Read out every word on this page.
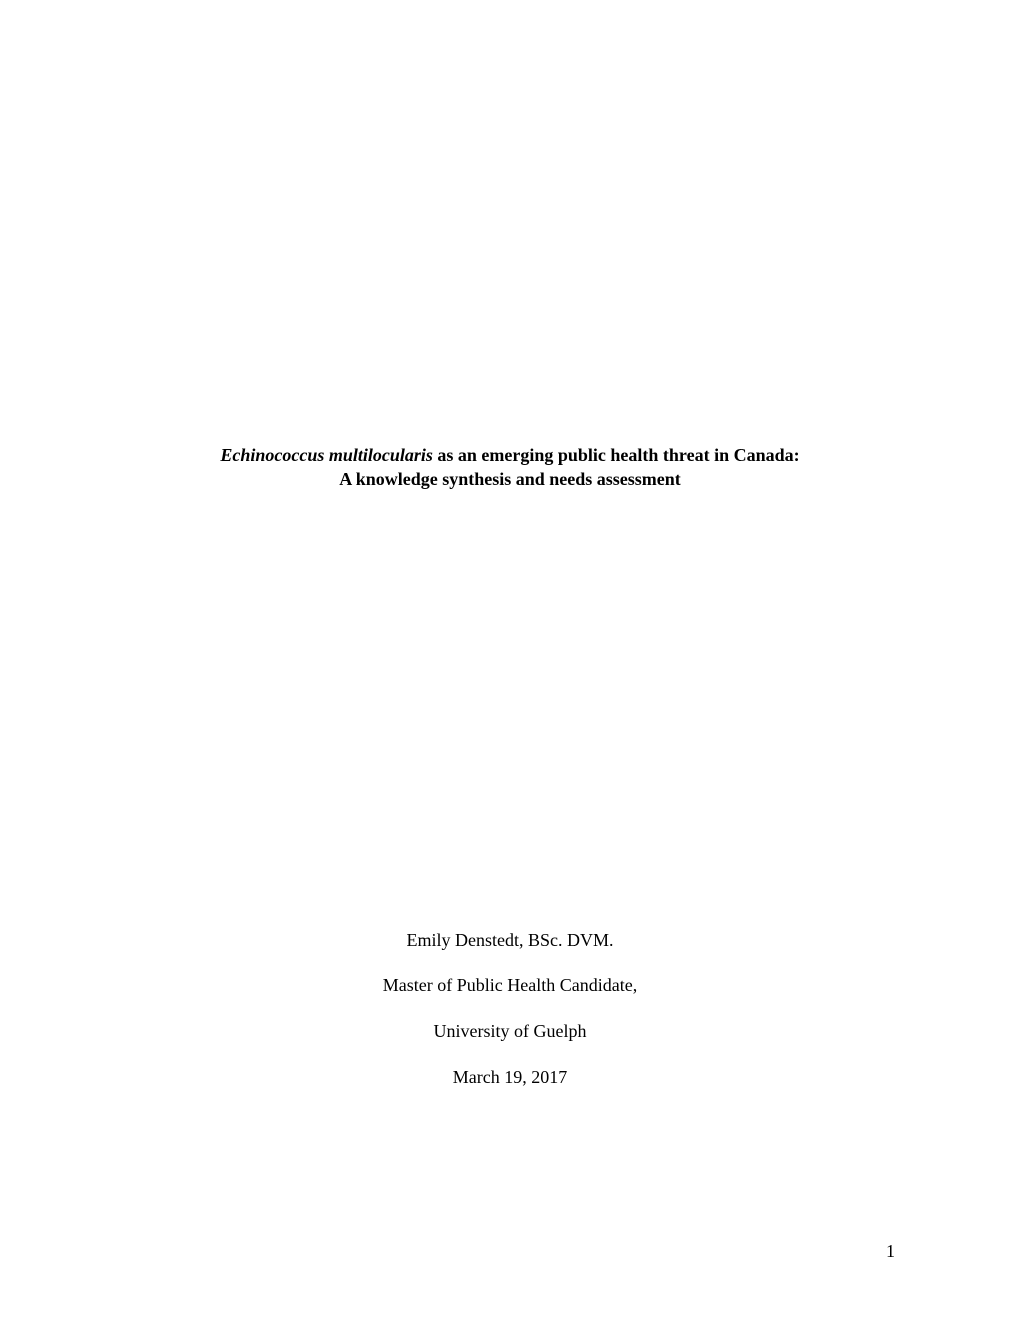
Echinococcus multilocularis as an emerging public health threat in Canada:
A knowledge synthesis and needs assessment
Emily Denstedt, BSc. DVM.
Master of Public Health Candidate,
University of Guelph
March 19, 2017
1
